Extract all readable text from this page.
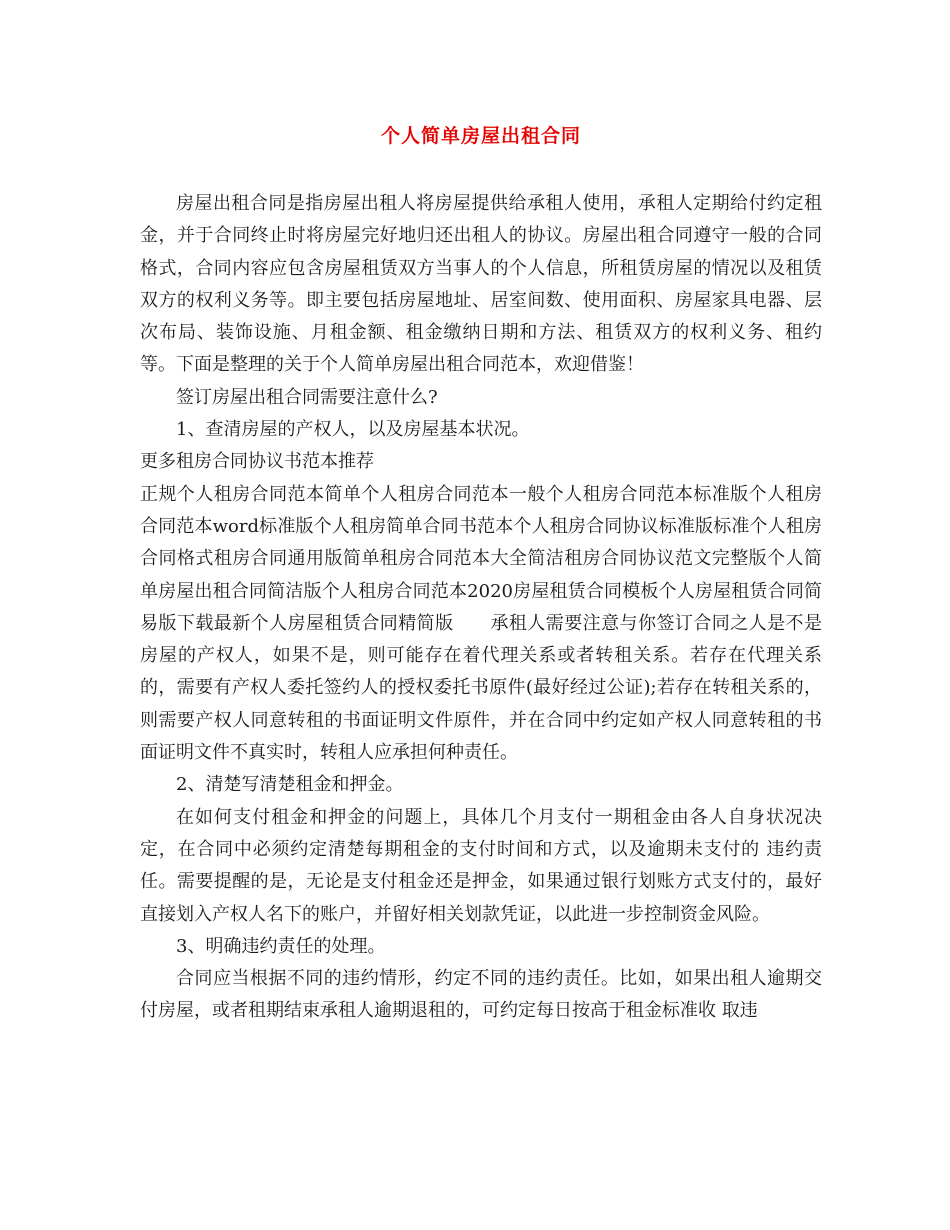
个人简单房屋出租合同

房屋出租合同是指房屋出租人将房屋提供给承租人使用，承租人定期给付约定租金，并于合同终止时将房屋完好地归还出租人的协议。房屋出租合同遵守一般的合同格式，合同内容应包含房屋租赁双方当事人的个人信息，所租赁房屋的情况以及租赁双方的权利义务等。即主要包括房屋地址、居室间数、使用面积、房屋家具电器、层次布局、装饰设施、月租金额、租金缴纳日期和方法、租赁双方的权利义务、租约等。下面是整理的关于个人简单房屋出租合同范本，欢迎借鉴！

签订房屋出租合同需要注意什么?

1、查清房屋的产权人，以及房屋基本状况。

更多租房合同协议书范本推荐

正规个人租房合同范本简单个人租房合同范本一般个人租房合同范本标准版个人租房合同范本word标准版个人租房简单合同书范本个人租房合同协议标准版标准个人租房合同格式租房合同通用版简单租房合同范本大全简洁租房合同协议范文完整版个人简单房屋出租合同简洁版个人租房合同范本2020房屋租赁合同模板个人房屋租赁合同简易版下载最新个人房屋租赁合同精简版　　承租人需要注意与你签订合同之人是不是房屋的产权人，如果不是，则可能存在着代理关系或者转租关系。若存在代理关系的，需要有产权人委托签约人的授权委托书原件(最好经过公证);若存在转租关系的，则需要产权人同意转租的书面证明文件原件，并在合同中约定如产权人同意转租的书面证明文件不真实时，转租人应承担何种责任。

2、清楚写清楚租金和押金。

在如何支付租金和押金的问题上，具体几个月支付一期租金由各人自身状况决定，在合同中必须约定清楚每期租金的支付时间和方式，以及逾期未支付的 违约责任。需要提醒的是，无论是支付租金还是押金，如果通过银行划账方式支付的，最好直接划入产权人名下的账户，并留好相关划款凭证，以此进一步控制资金风险。

3、明确违约责任的处理。

合同应当根据不同的违约情形，约定不同的违约责任。比如，如果出租人逾期交付房屋，或者租期结束承租人逾期退租的，可约定每日按高于租金标准收 取违
